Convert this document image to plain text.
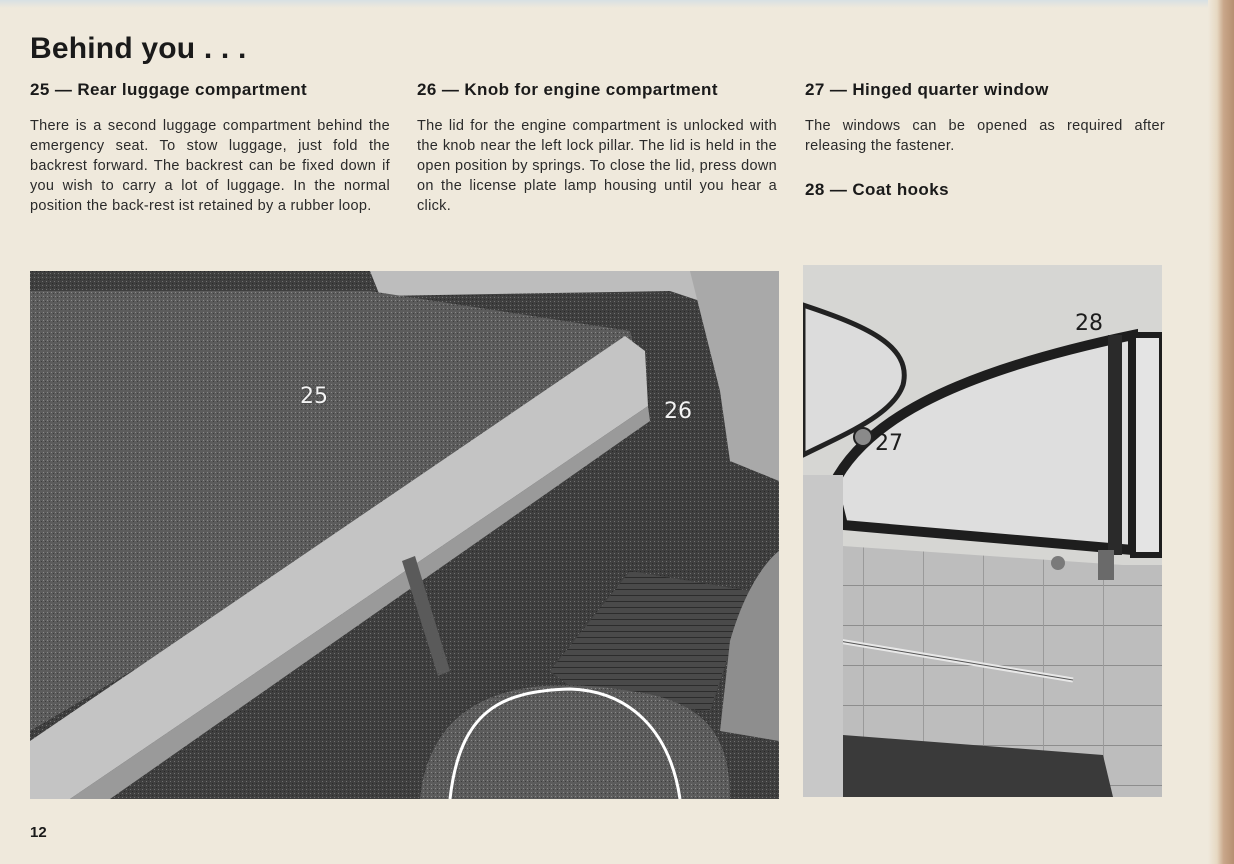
Behind you . . .
25 — Rear luggage compartment

There is a second luggage compartment behind the emergency seat. To stow luggage, just fold the backrest forward. The backrest can be fixed down if you wish to carry a lot of luggage. In the normal position the back-rest ist retained by a rubber loop.

26 — Knob for engine compartment

The lid for the engine compartment is unlocked with the knob near the left lock pillar. The lid is held in the open position by springs. To close the lid, press down on the license plate lamp housing until you hear a click.

27 — Hinged quarter window

The windows can be opened as required after releasing the fastener.

28 — Coat hooks
25
26
27
28
12
